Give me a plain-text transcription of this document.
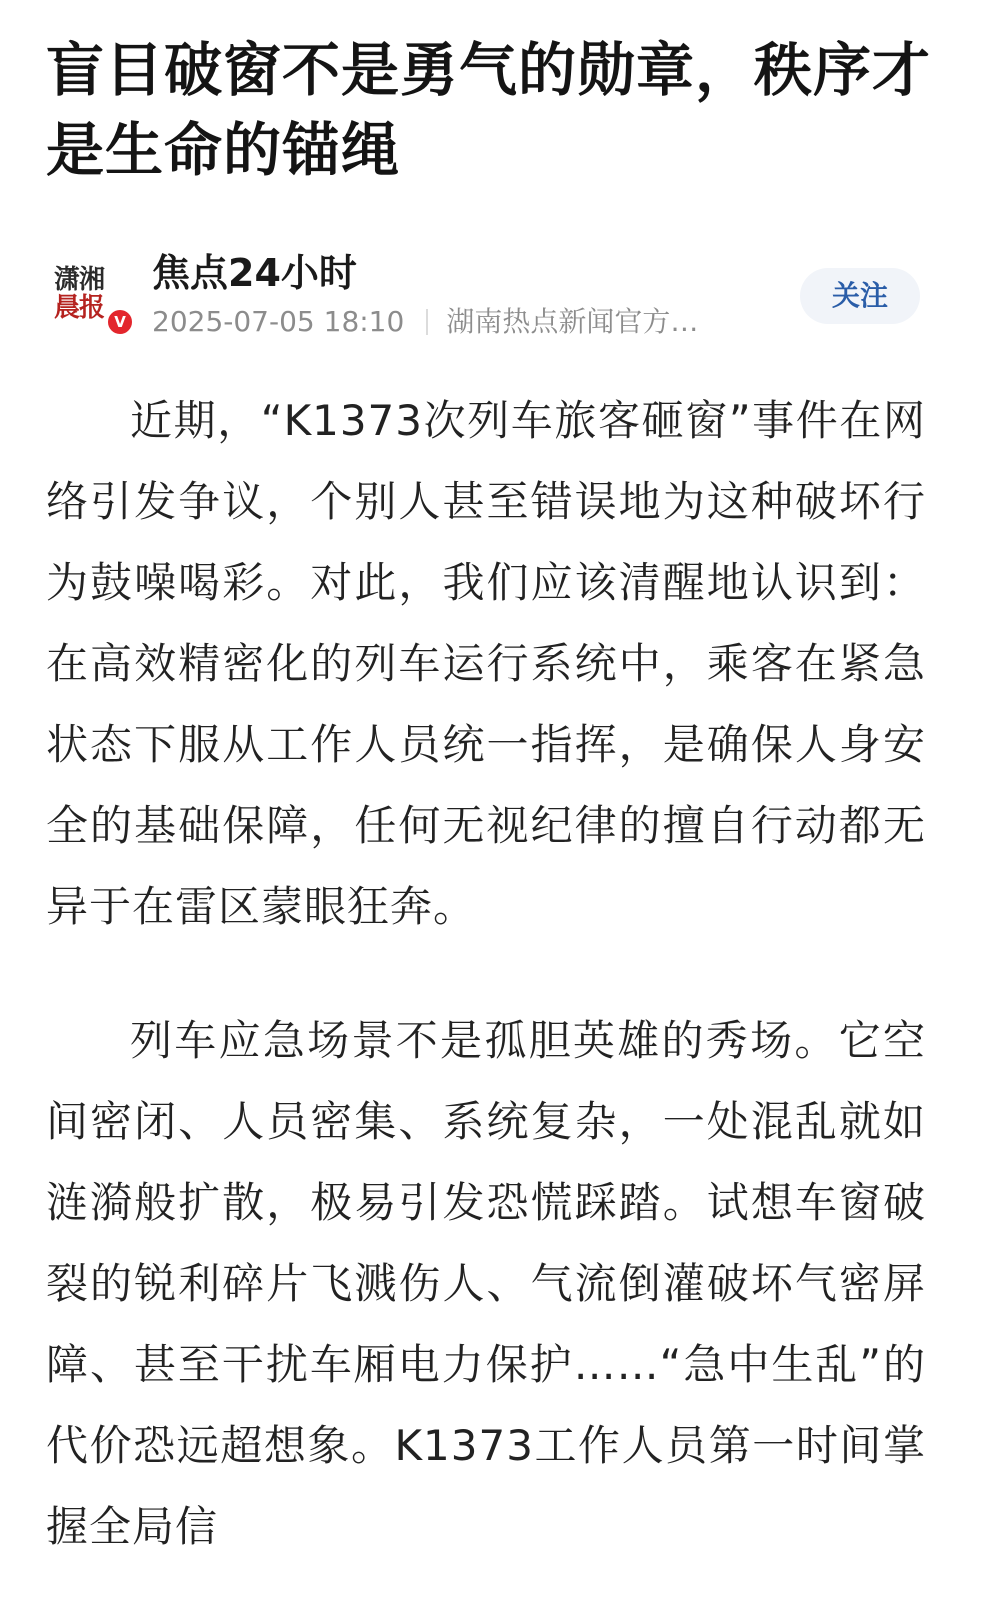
盲目破窗不是勇气的勋章，秩序才是生命的锚绳
潇湘
晨报 V
焦点24小时
2025-07-05 18:10 湖南热点新闻官方…
关注

近期，“K1373次列车旅客砸窗”事件在网络引发争议，个别人甚至错误地为这种破坏行为鼓噪喝彩。对此，我们应该清醒地认识到：在高效精密化的列车运行系统中，乘客在紧急状态下服从工作人员统一指挥，是确保人身安全的基础保障，任何无视纪律的擅自行动都无异于在雷区蒙眼狂奔。

列车应急场景不是孤胆英雄的秀场。它空间密闭、人员密集、系统复杂，一处混乱就如涟漪般扩散，极易引发恐慌踩踏。试想车窗破裂的锐利碎片飞溅伤人、气流倒灌破坏气密屏障、甚至干扰车厢电力保护……“急中生乱”的代价恐远超想象。K1373工作人员第一时间掌握全局信
